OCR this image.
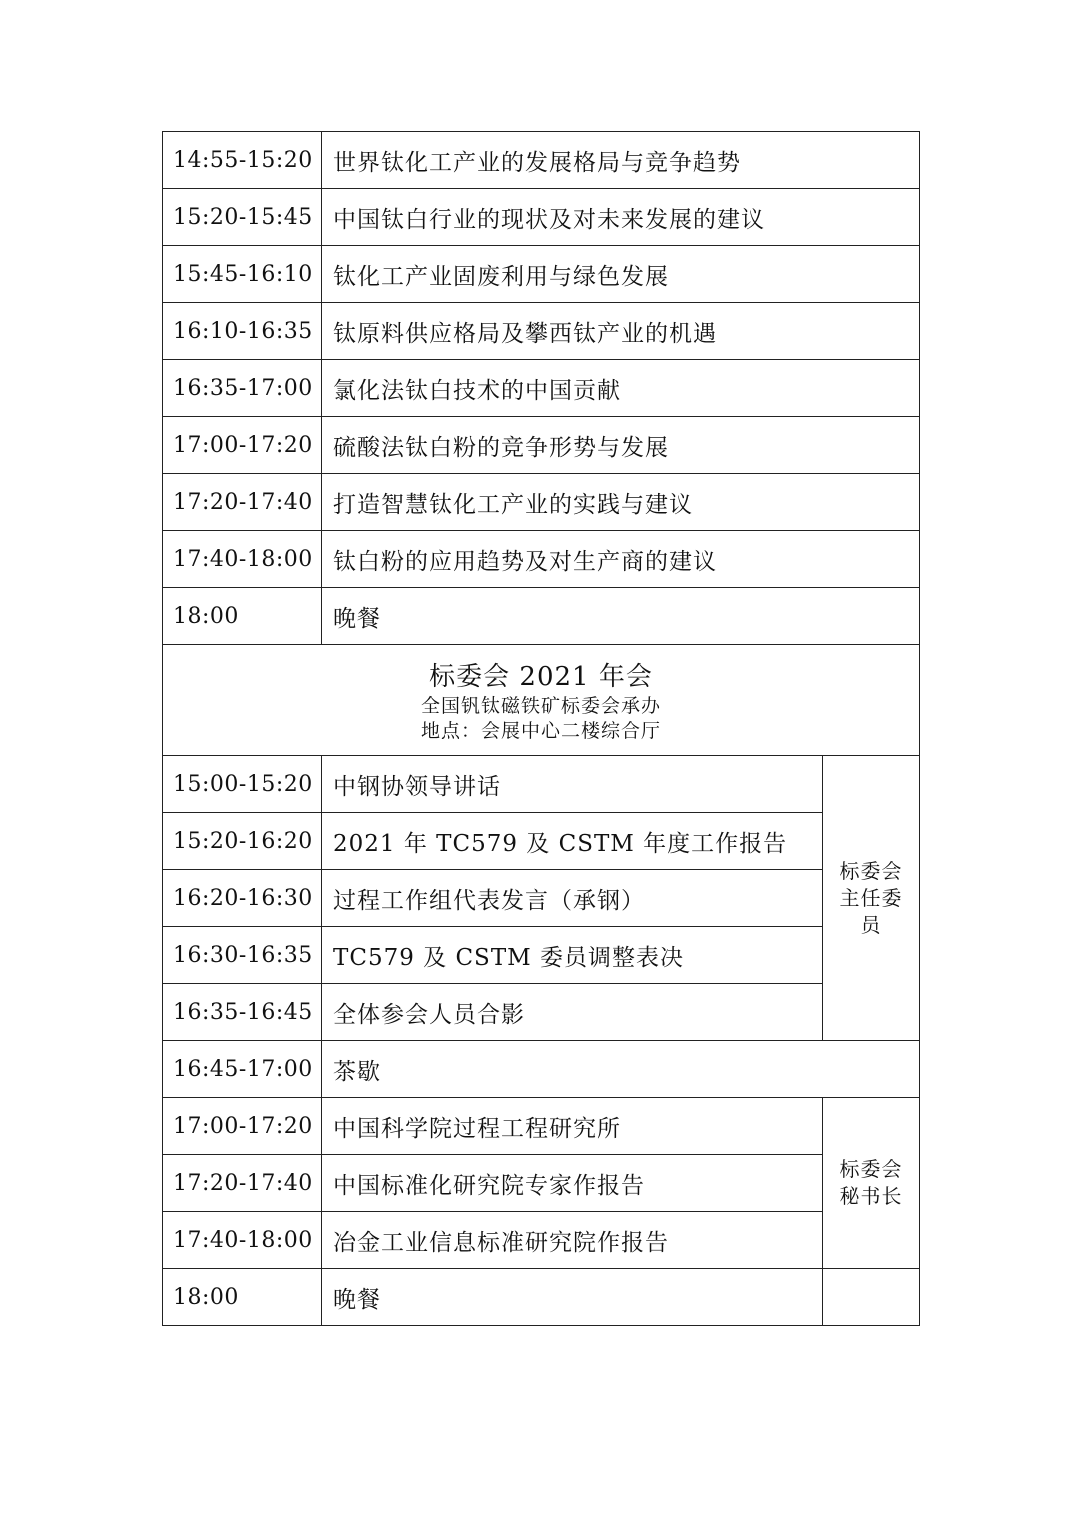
14:55-15:20	世界钛化工产业的发展格局与竞争趋势	
15:20-15:45	中国钛白行业的现状及对未来发展的建议	
15:45-16:10	钛化工产业固废利用与绿色发展	
16:10-16:35	钛原料供应格局及攀西钛产业的机遇	
16:35-17:00	氯化法钛白技术的中国贡献	
17:00-17:20	硫酸法钛白粉的竞争形势与发展	
17:20-17:40	打造智慧钛化工产业的实践与建议	
17:40-18:00	钛白粉的应用趋势及对生产商的建议	
18:00	晚餐	

标委会 2021 年会
全国钒钛磁铁矿标委会承办
地点：会展中心二楼综合厅		

15:00-15:20	中钢协领导讲话	标委会主任委员
15:20-16:20	2021 年 TC579 及 CSTM 年度工作报告	
16:20-16:30	过程工作组代表发言（承钢）	
16:30-16:35	TC579 及 CSTM 委员调整表决	
16:35-16:45	全体参会人员合影	
16:45-17:00	茶歇	
17:00-17:20	中国科学院过程工程研究所	标委会秘书长
17:20-17:40	中国标准化研究院专家作报告	
17:40-18:00	冶金工业信息标准研究院作报告	
18:00	晚餐	
